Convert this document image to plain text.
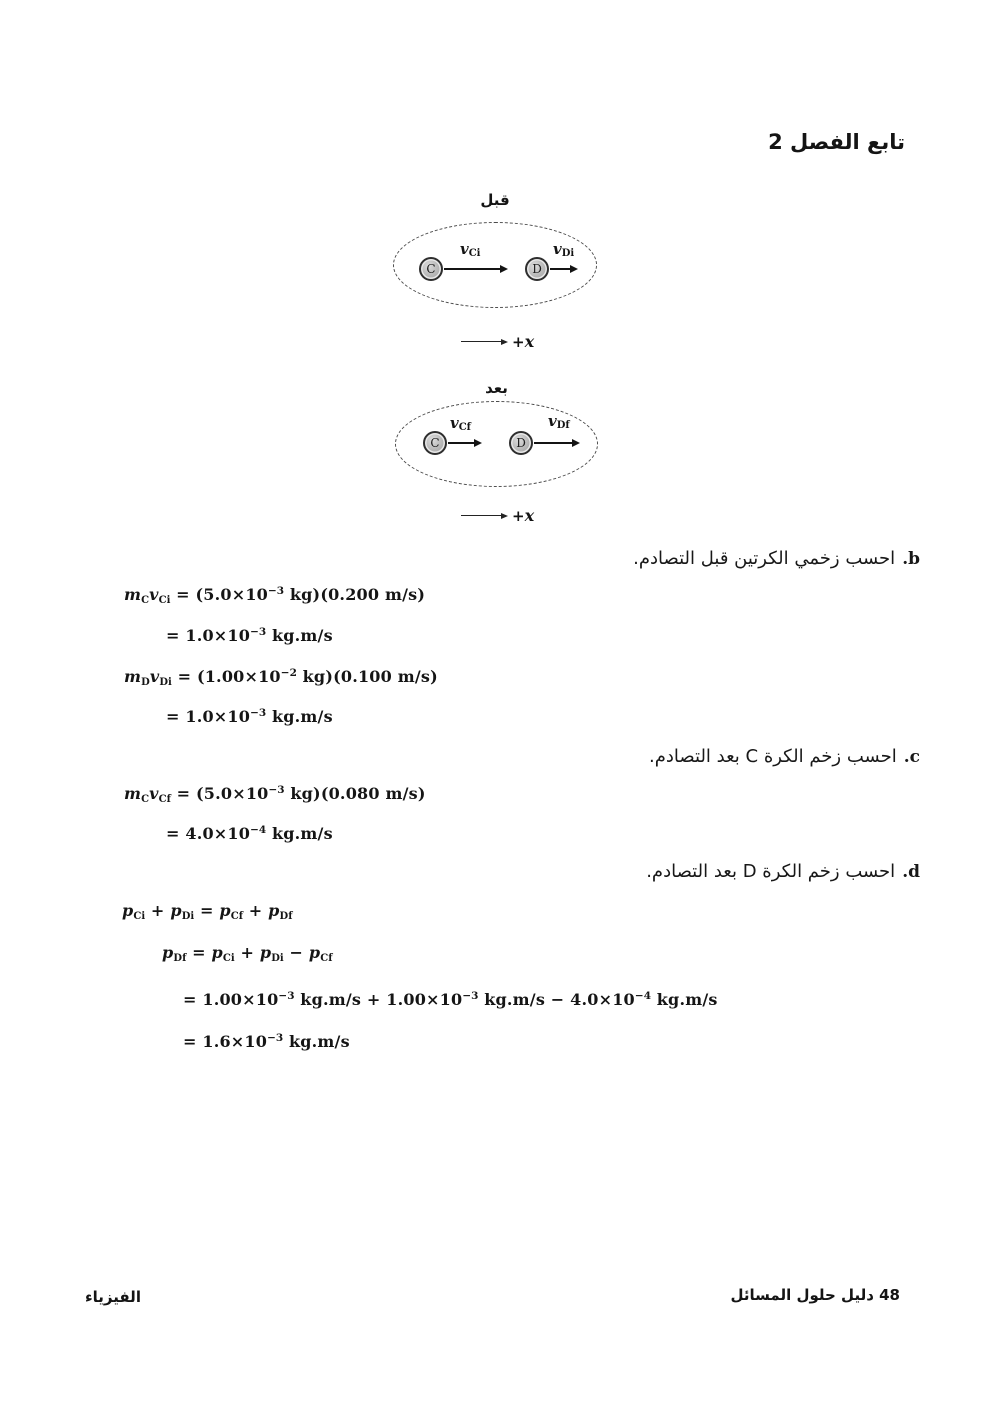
تابع الفصل 2
قبل
C
$v_{Ci}$
D
$v_{Di}$
+x
بعد
C
$v_{Cf}$
D
$v_{Df}$
+x
b.احسب زخمي الكرتين قبل التصادم.
$m_Cv_{Ci} = (5.0\times 10^{-3}$ kg)(0.200 m/s)
= $1.0\times 10^{-3}$ kg.m/s
$m_Dv_{Di} = (1.00\times 10^{-2}$ kg)(0.100 m/s)
= $1.0\times 10^{-3}$ kg.m/s
c.احسب زخم الكرة C بعد التصادم.
$m_Cv_{Cf} = (5.0\times 10^{-3}$ kg)(0.080 m/s)
= $4.0\times 10^{-4}$ kg.m/s
d.احسب زخم الكرة D بعد التصادم.
$p_{Ci} + p_{Di} = p_{Cf} + p_{Df}$
$p_{Df} = p_{Ci} + p_{Di} - p_{Cf}$
= $1.00\times 10^{-3}$ $kg.m/s + 1.00\times 10^{-3}$ $kg.m/s - 4.0\times 10^{-4}$ kg.m/s
= $1.6\times 10^{-3}$ kg.m/s
الفيزياء	48 دليل حلول المسائل
